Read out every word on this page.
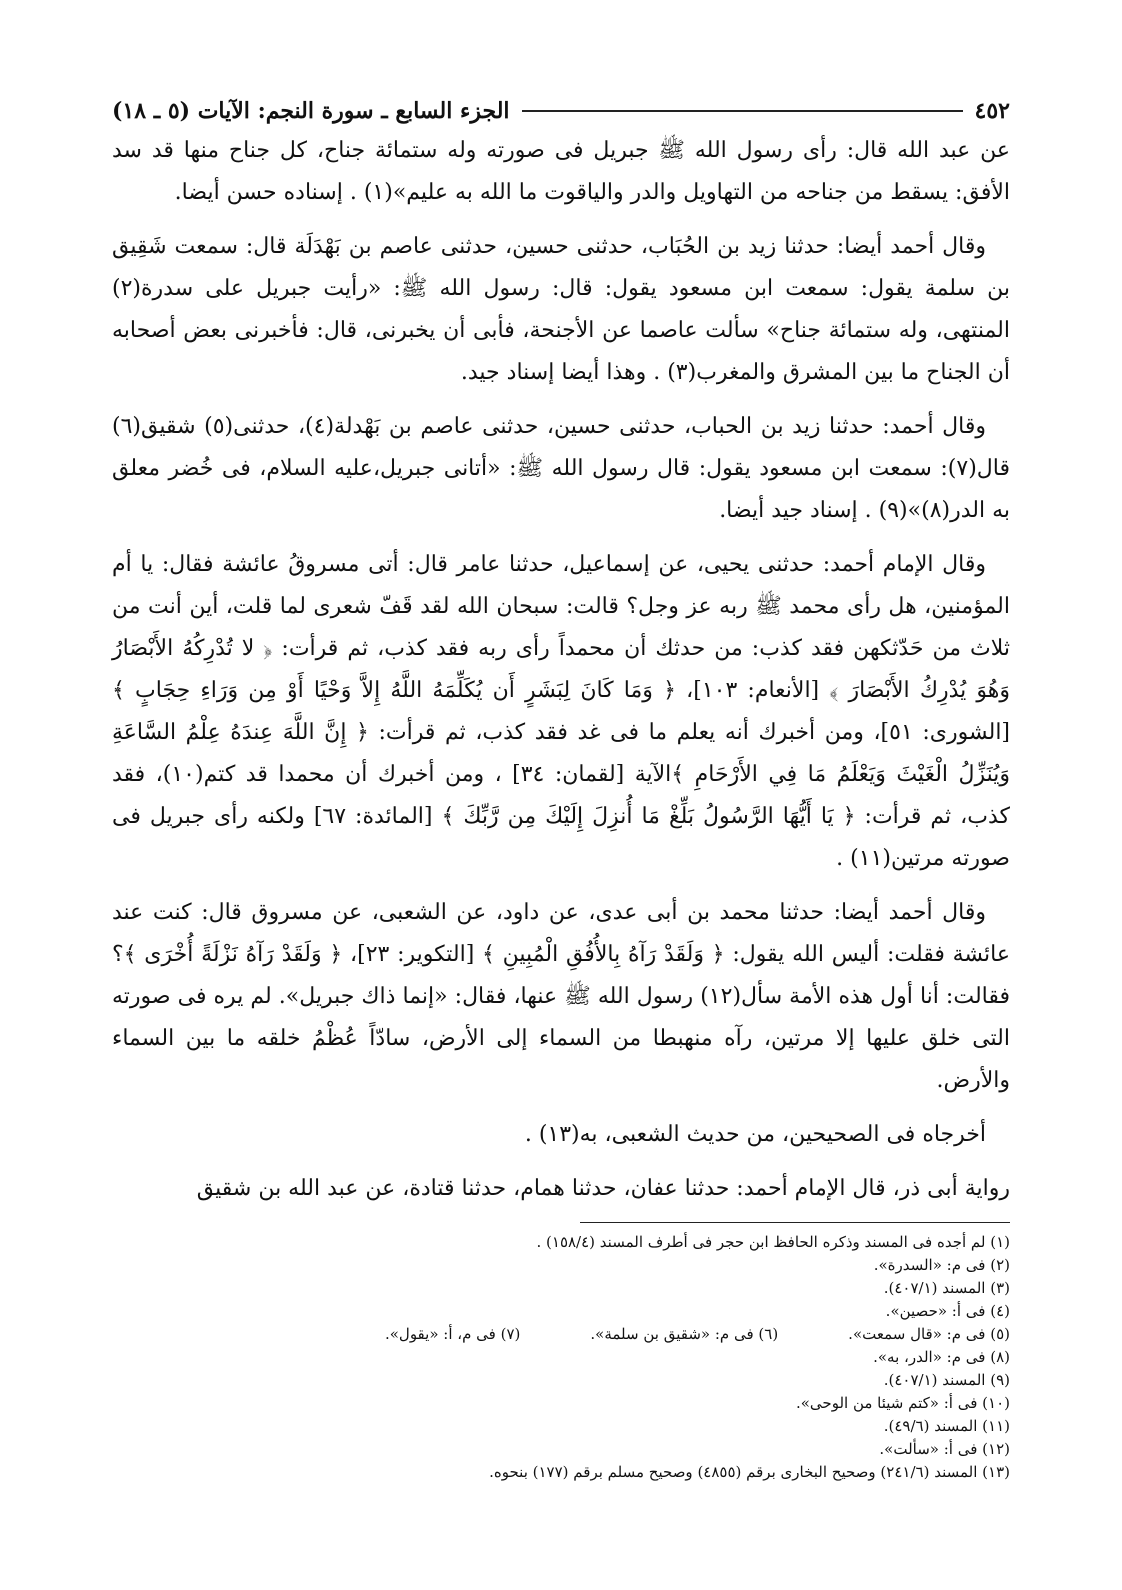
٤٥٢
الجزء السابع ـ سورة النجم: الآيات (٥ ـ ١٨)

عن عبد الله قال: رأى رسول الله ﷺ جبريل فى صورته وله ستمائة جناح، كل جناح منها قد سد الأفق: يسقط من جناحه من التهاويل والدر والياقوت ما الله به عليم»(١) . إسناده حسن أيضا.

وقال أحمد أيضا: حدثنا زيد بن الحُبَاب، حدثنى حسين، حدثنى عاصم بن بَهْدَلَة قال: سمعت شَقِيق بن سلمة يقول: سمعت ابن مسعود يقول: قال: رسول الله ﷺ: «رأيت جبريل على سدرة(٢) المنتهى، وله ستمائة جناح» سألت عاصما عن الأجنحة، فأبى أن يخبرنى، قال: فأخبرنى بعض أصحابه أن الجناح ما بين المشرق والمغرب(٣) . وهذا أيضا إسناد جيد.

وقال أحمد: حدثنا زيد بن الحباب، حدثنى حسين، حدثنى عاصم بن بَهْدلة(٤)، حدثنى(٥) شقيق(٦) قال(٧): سمعت ابن مسعود يقول: قال رسول الله ﷺ: «أتانى جبريل،عليه السلام، فى خُضر معلق به الدر(٨)»(٩) . إسناد جيد أيضا.

وقال الإمام أحمد: حدثنى يحيى، عن إسماعيل، حدثنا عامر قال: أتى مسروقُ عائشة فقال: يا أم المؤمنين، هل رأى محمد ﷺ ربه عز وجل؟ قالت: سبحان الله لقد قَفّ شعرى لما قلت، أين أنت من ثلاث من حَدّثكهن فقد كذب: من حدثك أن محمداً رأى ربه فقد كذب، ثم قرأت: ﴿ لا تُدْرِكُهُ الأَبْصَارُ وَهُوَ يُدْرِكُ الأَبْصَارَ ﴾ [الأنعام: ١٠٣]، ﴿ وَمَا كَانَ لِبَشَرٍ أَن يُكَلِّمَهُ اللَّهُ إِلاَّ وَحْيًا أَوْ مِن وَرَاءِ حِجَابٍ ﴾ [الشورى: ٥١]، ومن أخبرك أنه يعلم ما فى غد فقد كذب، ثم قرأت: ﴿ إِنَّ اللَّهَ عِندَهُ عِلْمُ السَّاعَةِ وَيُنَزِّلُ الْغَيْثَ وَيَعْلَمُ مَا فِي الأَرْحَامِ ﴾الآية [لقمان: ٣٤] ، ومن أخبرك أن محمدا قد كتم(١٠)، فقد كذب، ثم قرأت: ﴿ يَا أَيُّهَا الرَّسُولُ بَلِّغْ مَا أُنزِلَ إِلَيْكَ مِن رَّبِّكَ ﴾ [المائدة: ٦٧] ولكنه رأى جبريل فى صورته مرتين(١١) .

وقال أحمد أيضا: حدثنا محمد بن أبى عدى، عن داود، عن الشعبى، عن مسروق قال: كنت عند عائشة فقلت: أليس الله يقول: ﴿ وَلَقَدْ رَآهُ بِالأُفُقِ الْمُبِينِ ﴾ [التكوير: ٢٣]، ﴿ وَلَقَدْ رَآهُ نَزْلَةً أُخْرَى ﴾؟ فقالت: أنا أول هذه الأمة سأل(١٢) رسول الله ﷺ عنها، فقال: «إنما ذاك جبريل». لم يره فى صورته التى خلق عليها إلا مرتين، رآه منهبطا من السماء إلى الأرض، سادّاً عُظْمُ خلقه ما بين السماء والأرض.

أخرجاه فى الصحيحين، من حديث الشعبى، به(١٣) .

رواية أبى ذر، قال الإمام أحمد: حدثنا عفان، حدثنا همام، حدثنا قتادة، عن عبد الله بن شقيق

(١) لم أجده فى المسند وذكره الحافظ ابن حجر فى أطرف المسند (١٥٨/٤) .
(٢) فى م: «السدرة».
(٣) المسند (٤٠٧/١).
(٤) فى أ: «حصين».
(٥) فى م: «قال سمعت».
(٦) فى م: «شقيق بن سلمة».
(٧) فى م، أ: «يقول».
(٨) فى م: «الدر، به».
(٩) المسند (٤٠٧/١).
(١٠) فى أ: «كتم شيئا من الوحى».
(١١) المسند (٤٩/٦).
(١٢) فى أ: «سألت».
(١٣) المسند (٢٤١/٦) وصحيح البخارى برقم (٤٨٥٥) وصحيح مسلم برقم (١٧٧) بنحوه.
